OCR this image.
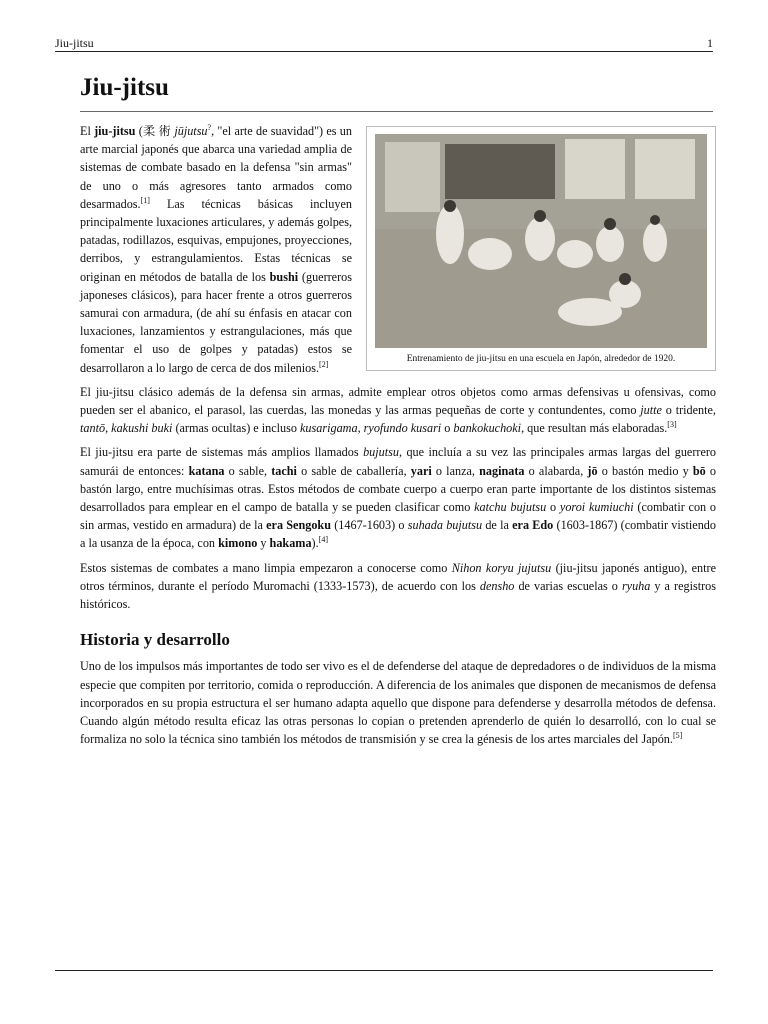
Jiu-jitsu	1
Jiu-jitsu
Entrenamiento de jiu-jitsu en una escuela en Japón, alrededor de 1920.

El jiu-jitsu (柔 術 jūjutsu?, "el arte de suavidad") es un arte marcial japonés que abarca una variedad amplia de sistemas de combate basado en la defensa "sin armas" de uno o más agresores tanto armados como desarmados.[1] Las técnicas básicas incluyen principalmente luxaciones articulares, y además golpes, patadas, rodillazos, esquivas, empujones, proyecciones, derribos, y estrangulamientos. Estas técnicas se originan en métodos de batalla de los bushi (guerreros japoneses clásicos), para hacer frente a otros guerreros samurai con armadura, (de ahí su énfasis en atacar con luxaciones, lanzamientos y estrangulaciones, más que fomentar el uso de golpes y patadas) estos se desarrollaron a lo largo de cerca de dos milenios.[2]

El jiu-jitsu clásico además de la defensa sin armas, admite emplear otros objetos como armas defensivas u ofensivas, como pueden ser el abanico, el parasol, las cuerdas, las monedas y las armas pequeñas de corte y contundentes, como jutte o tridente, tantō, kakushi buki (armas ocultas) e incluso kusarigama, ryofundo kusari o bankokuchoki, que resultan más elaboradas.[3]

El jiu-jitsu era parte de sistemas más amplios llamados bujutsu, que incluía a su vez las principales armas largas del guerrero samurái de entonces: katana o sable, tachi o sable de caballería, yari o lanza, naginata o alabarda, jō o bastón medio y bō o bastón largo, entre muchísimas otras. Estos métodos de combate cuerpo a cuerpo eran parte importante de los distintos sistemas desarrollados para emplear en el campo de batalla y se pueden clasificar como katchu bujutsu o yoroi kumiuchi (combatir con o sin armas, vestido en armadura) de la era Sengoku (1467-1603) o suhada bujutsu de la era Edo (1603-1867) (combatir vistiendo a la usanza de la época, con kimono y hakama).[4]

Estos sistemas de combates a mano limpia empezaron a conocerse como Nihon koryu jujutsu (jiu-jitsu japonés antiguo), entre otros términos, durante el período Muromachi (1333-1573), de acuerdo con los densho de varias escuelas o ryuha y a registros históricos.

Historia y desarrollo

Uno de los impulsos más importantes de todo ser vivo es el de defenderse del ataque de depredadores o de individuos de la misma especie que compiten por territorio, comida o reproducción. A diferencia de los animales que disponen de mecanismos de defensa incorporados en su propia estructura el ser humano adapta aquello que dispone para defenderse y desarrolla métodos de defensa. Cuando algún método resulta eficaz las otras personas lo copian o pretenden aprenderlo de quién lo desarrolló, con lo cual se formaliza no solo la técnica sino también los métodos de transmisión y se crea la génesis de los artes marciales del Japón.[5]
